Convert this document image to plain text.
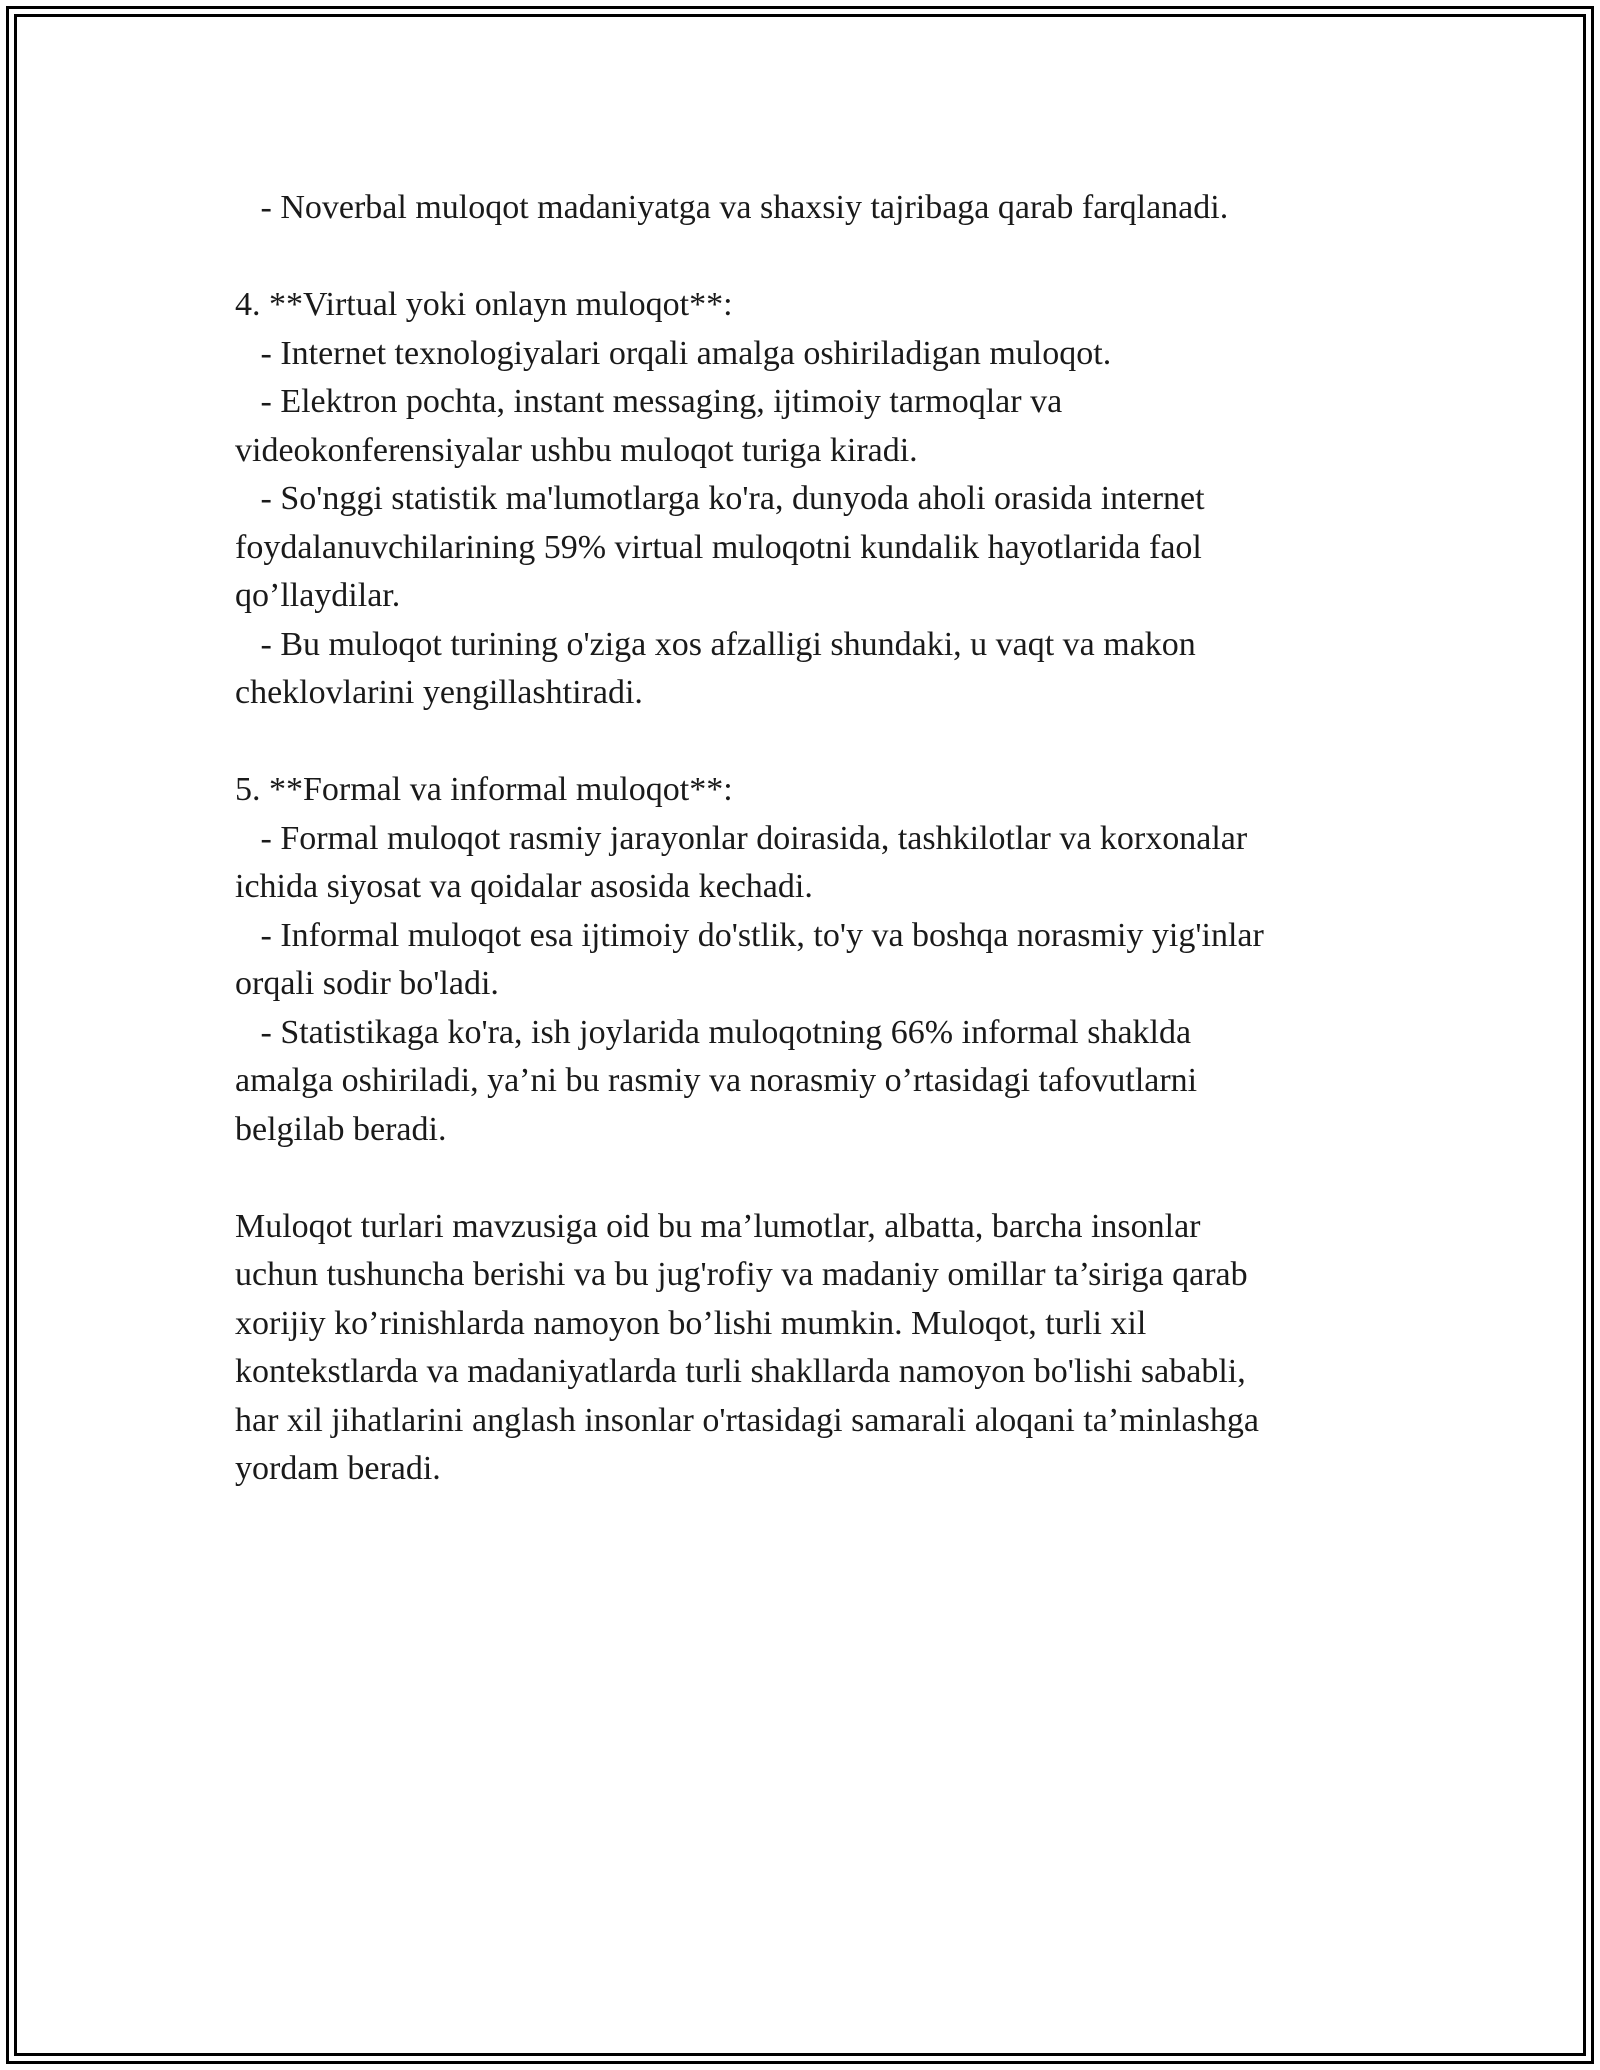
- Noverbal muloqot madaniyatga va shaxsiy tajribaga qarab farqlanadi.
4. **Virtual yoki onlayn muloqot**:
- Internet texnologiyalari orqali amalga oshiriladigan muloqot.
- Elektron pochta, instant messaging, ijtimoiy tarmoqlar va
videokonferensiyalar ushbu muloqot turiga kiradi.
- So'nggi statistik ma'lumotlarga ko'ra, dunyoda aholi orasida internet
foydalanuvchilarining 59% virtual muloqotni kundalik hayotlarida faol
qo’llaydilar.
- Bu muloqot turining o'ziga xos afzalligi shundaki, u vaqt va makon
cheklovlarini yengillashtiradi.
5. **Formal va informal muloqot**:
- Formal muloqot rasmiy jarayonlar doirasida, tashkilotlar va korxonalar
ichida siyosat va qoidalar asosida kechadi.
- Informal muloqot esa ijtimoiy do'stlik, to'y va boshqa norasmiy yig'inlar
orqali sodir bo'ladi.
- Statistikaga ko'ra, ish joylarida muloqotning 66% informal shaklda
amalga oshiriladi, ya’ni bu rasmiy va norasmiy o’rtasidagi tafovutlarni
belgilab beradi.
Muloqot turlari mavzusiga oid bu ma’lumotlar, albatta, barcha insonlar
uchun tushuncha berishi va bu jug'rofiy va madaniy omillar ta’siriga qarab
xorijiy ko’rinishlarda namoyon bo’lishi mumkin. Muloqot, turli xil
kontekstlarda va madaniyatlarda turli shakllarda namoyon bo'lishi sababli,
har xil jihatlarini anglash insonlar o'rtasidagi samarali aloqani ta’minlashga
yordam beradi.
